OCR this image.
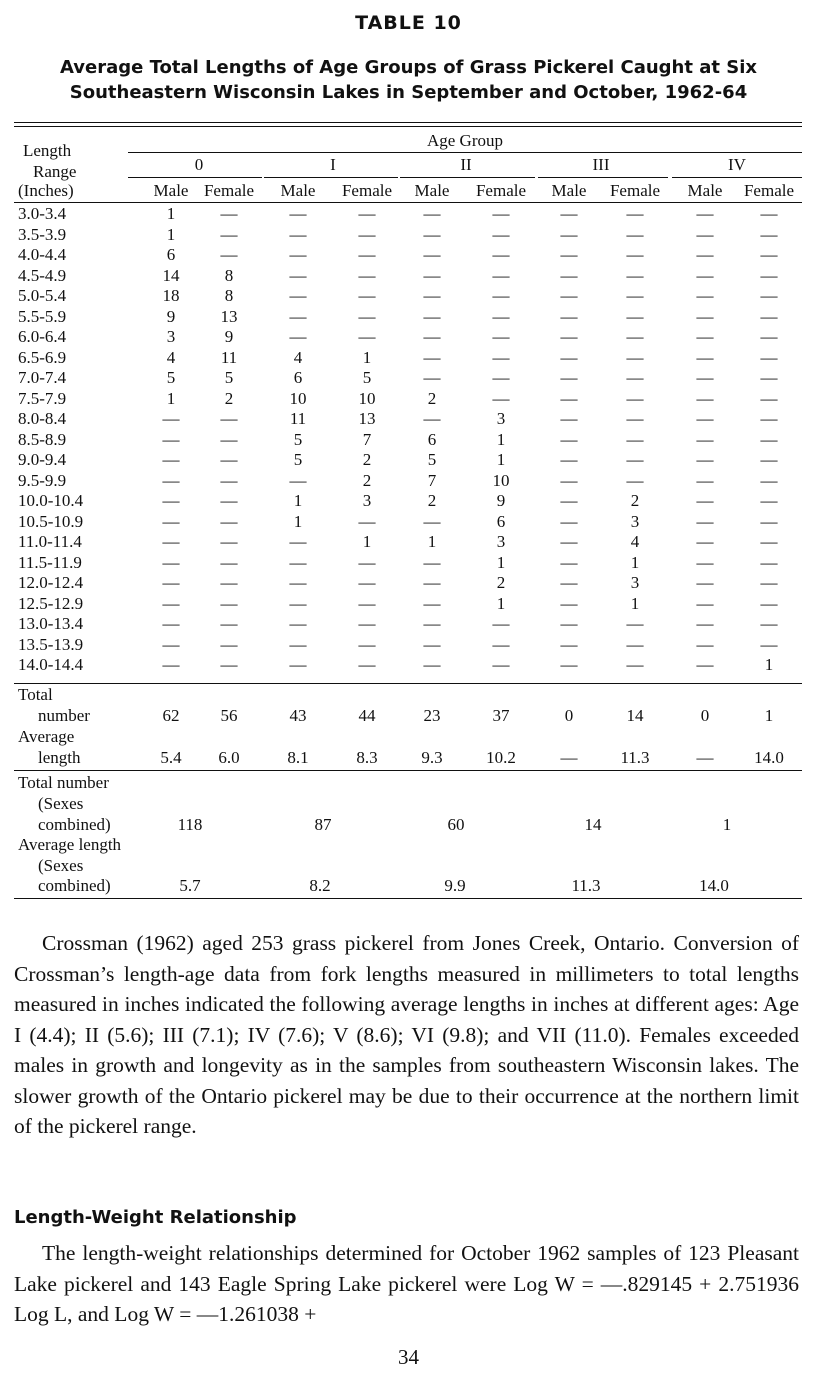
TABLE 10
Average Total Lengths of Age Groups of Grass Pickerel Caught at Six
Southeastern Wisconsin Lakes in September and October, 1962-64
Length
Range
(Inches)
Age Group
0	I	II	III	IV
Male Female	Male	Female	Male	Female	Male	Female	Male	Female
3.0-3.4	1	—	—	—	—	—	—	—	—	—
3.5-3.9	1	—	—	—	—	—	—	—	—	—
4.0-4.4	6	—	—	—	—	—	—	—	—	—
4.5-4.9	14	8	—	—	—	—	—	—	—	—
5.0-5.4	18	8	—	—	—	—	—	—	—	—
5.5-5.9	9	13	—	—	—	—	—	—	—	—
6.0-6.4	3	9	—	—	—	—	—	—	—	—
6.5-6.9	4	11	4	1	—	—	—	—	—	—
7.0-7.4	5	5	6	5	—	—	—	—	—	—
7.5-7.9	1	2	10	10	2	—	—	—	—	—
8.0-8.4	—	—	11	13	—	3	—	—	—	—
8.5-8.9	—	—	5	7	6	1	—	—	—	—
9.0-9.4	—	—	5	2	5	1	—	—	—	—
9.5-9.9	—	—	—	2	7	10	—	—	—	—
10.0-10.4	—	—	1	3	2	9	—	2	—	—
10.5-10.9	—	—	1	—	—	6	—	3	—	—
11.0-11.4	—	—	—	1	1	3	—	4	—	—
11.5-11.9	—	—	—	—	—	1	—	1	—	—
12.0-12.4	—	—	—	—	—	2	—	3	—	—
12.5-12.9	—	—	—	—	—	1	—	1	—	—
13.0-13.4	—	—	—	—	—	—	—	—	—	—
13.5-13.9	—	—	—	—	—	—	—	—	—	—
14.0-14.4	—	—	—	—	—	—	—	—	—	1
Total
number	62	56	43	44	23	37	0	14	0	1
Average
length	5.4	6.0	8.1	8.3	9.3	10.2	—	11.3	—	14.0
Total number
(Sexes
combined)	118	87	60	14	1
Average length
(Sexes
combined)	5.7	8.2	9.9	11.3	14.0
Crossman (1962) aged 253 grass pickerel from Jones Creek, Ontario. Conversion of Crossman’s length-age data from fork lengths measured in millimeters to total lengths measured in inches indicated the following average lengths in inches at different ages: Age I (4.4); II (5.6); III (7.1); IV (7.6); V (8.6); VI (9.8); and VII (11.0). Females exceeded males in growth and longevity as in the samples from southeastern Wisconsin lakes. The slower growth of the Ontario pickerel may be due to their occurrence at the northern limit of the pickerel range.
Length-Weight Relationship
The length-weight relationships determined for October 1962 samples of 123 Pleasant Lake pickerel and 143 Eagle Spring Lake pickerel were Log W = —.829145 + 2.751936 Log L, and Log W = —1.261038 +
34
